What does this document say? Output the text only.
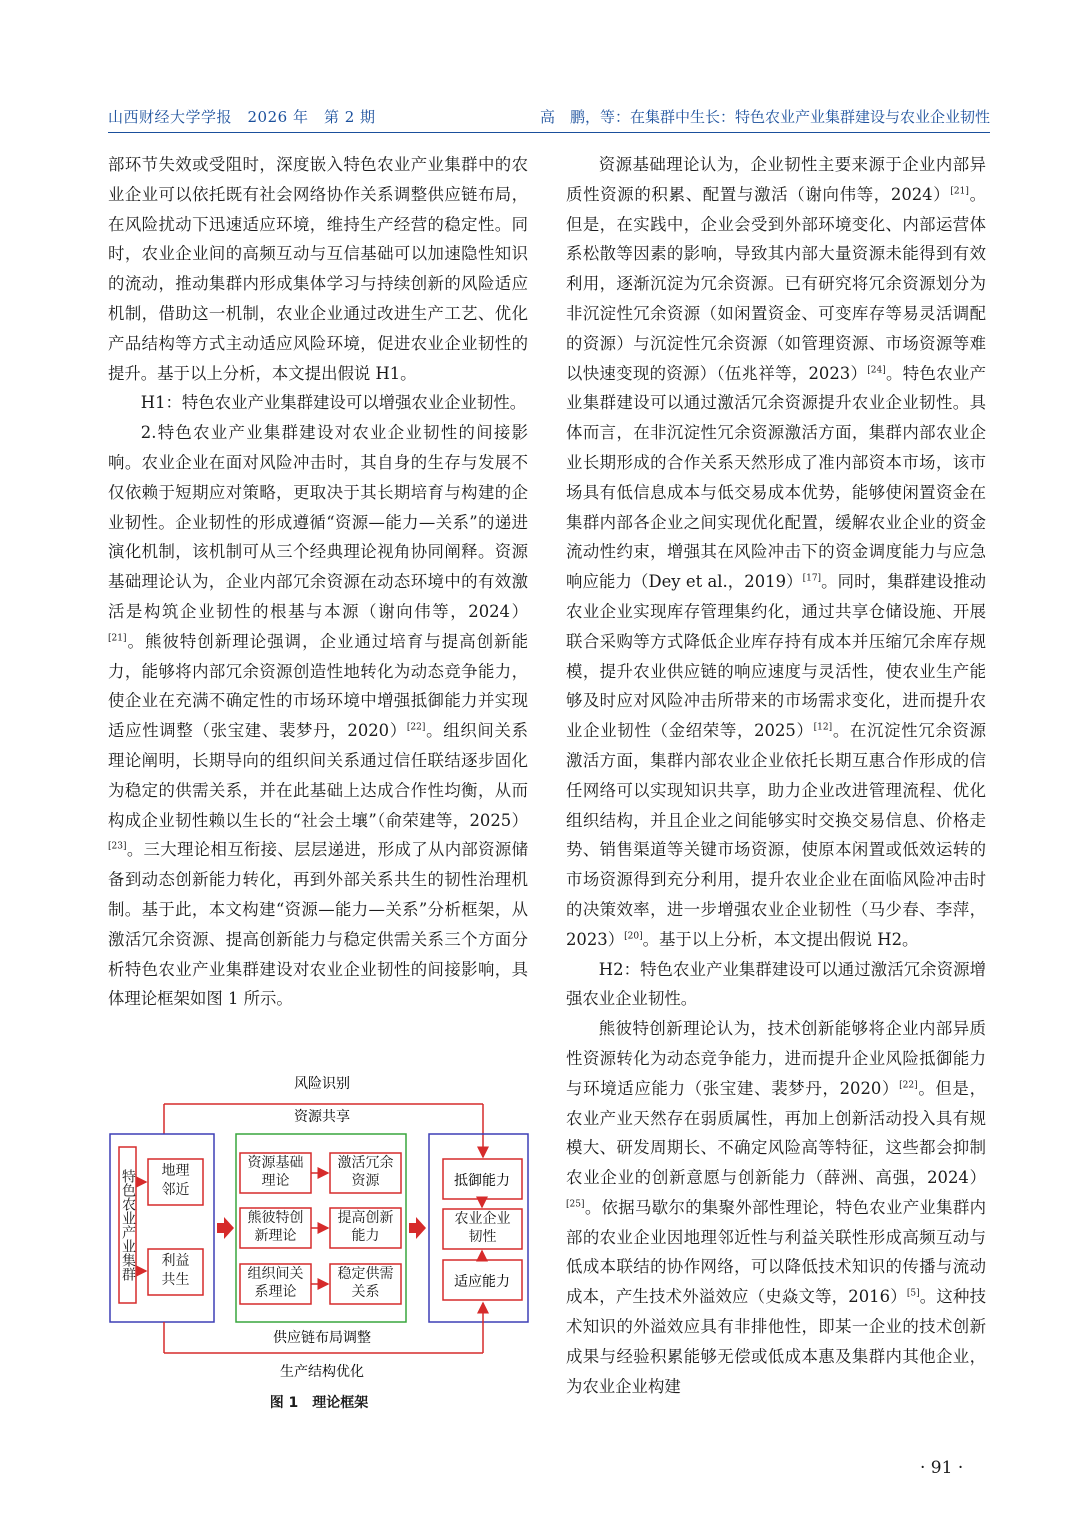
山西财经大学学报　2026 年　第 2 期	高　鹏，等：在集群中生长：特色农业产业集群建设与农业企业韧性

部环节失效或受阻时，深度嵌入特色农业产业集群中的农业企业可以依托既有社会网络协作关系调整供应链布局，在风险扰动下迅速适应环境，维持生产经营的稳定性。同时，农业企业间的高频互动与互信基础可以加速隐性知识的流动，推动集群内形成集体学习与持续创新的风险适应机制，借助这一机制，农业企业通过改进生产工艺、优化产品结构等方式主动适应风险环境，促进农业企业韧性的提升。基于以上分析，本文提出假说 H1。

H1：特色农业产业集群建设可以增强农业企业韧性。

2.特色农业产业集群建设对农业企业韧性的间接影响。农业企业在面对风险冲击时，其自身的生存与发展不仅依赖于短期应对策略，更取决于其长期培育与构建的企业韧性。企业韧性的形成遵循“资源—能力—关系”的递进演化机制，该机制可从三个经典理论视角协同阐释。资源基础理论认为，企业内部冗余资源在动态环境中的有效激活是构筑企业韧性的根基与本源（谢向伟等，2024）[21]。熊彼特创新理论强调，企业通过培育与提高创新能力，能够将内部冗余资源创造性地转化为动态竞争能力，使企业在充满不确定性的市场环境中增强抵御能力并实现适应性调整（张宝建、裴梦丹，2020）[22]。组织间关系理论阐明，长期导向的组织间关系通过信任联结逐步固化为稳定的供需关系，并在此基础上达成合作性均衡，从而构成企业韧性赖以生长的“社会土壤”（俞荣建等，2025）[23]。三大理论相互衔接、层层递进，形成了从内部资源储备到动态创新能力转化，再到外部关系共生的韧性治理机制。基于此，本文构建“资源—能力—关系”分析框架，从激活冗余资源、提高创新能力与稳定供需关系三个方面分析特色农业产业集群建设对农业企业韧性的间接影响，具体理论框架如图 1 所示。

资源基础理论认为，企业韧性主要来源于企业内部异质性资源的积累、配置与激活（谢向伟等，2024）[21]。但是，在实践中，企业会受到外部环境变化、内部运营体系松散等因素的影响，导致其内部大量资源未能得到有效利用，逐渐沉淀为冗余资源。已有研究将冗余资源划分为非沉淀性冗余资源（如闲置资金、可变库存等易灵活调配的资源）与沉淀性冗余资源（如管理资源、市场资源等难以快速变现的资源）（伍兆祥等，2023）[24]。特色农业产业集群建设可以通过激活冗余资源提升农业企业韧性。具体而言，在非沉淀性冗余资源激活方面，集群内部农业企业长期形成的合作关系天然形成了准内部资本市场，该市场具有低信息成本与低交易成本优势，能够使闲置资金在集群内部各企业之间实现优化配置，缓解农业企业的资金流动性约束，增强其在风险冲击下的资金调度能力与应急响应能力（Dey et al.，2019）[17]。同时，集群建设推动农业企业实现库存管理集约化，通过共享仓储设施、开展联合采购等方式降低企业库存持有成本并压缩冗余库存规模，提升农业供应链的响应速度与灵活性，使农业生产能够及时应对风险冲击所带来的市场需求变化，进而提升农业企业韧性（金绍荣等，2025）[12]。在沉淀性冗余资源激活方面，集群内部农业企业依托长期互惠合作形成的信任网络可以实现知识共享，助力企业改进管理流程、优化组织结构，并且企业之间能够实时交换交易信息、价格走势、销售渠道等关键市场资源，使原本闲置或低效运转的市场资源得到充分利用，提升农业企业在面临风险冲击时的决策效率，进一步增强农业企业韧性（马少春、李萍，2023）[20]。基于以上分析，本文提出假说 H2。

H2：特色农业产业集群建设可以通过激活冗余资源增强农业企业韧性。

熊彼特创新理论认为，技术创新能够将企业内部异质性资源转化为动态竞争能力，进而提升企业风险抵御能力与环境适应能力（张宝建、裴梦丹，2020）[22]。但是，农业产业天然存在弱质属性，再加上创新活动投入具有规模大、研发周期长、不确定风险高等特征，这些都会抑制农业企业的创新意愿与创新能力（薛洲、高强，2024）[25]。依据马歇尔的集聚外部性理论，特色农业产业集群内部的农业企业因地理邻近性与利益关联性形成高频互动与低成本联结的协作网络，可以降低技术知识的传播与流动成本，产生技术外溢效应（史焱文等，2016）[5]。这种技术知识的外溢效应具有非排他性，即某一企业的技术创新成果与经验积累能够无偿或低成本惠及集群内其他企业，为农业企业构建

风险识别
资源共享
特色农业产业集群	地理邻近
利益共生
资源基础理论
熊彼特创新理论
组织间关系理论
激活冗余资源
提高创新能力
稳定供需关系
抵御能力
农业企业韧性
适应能力
供应链布局调整
生产结构优化
图 1　理论框架
· 91 ·
